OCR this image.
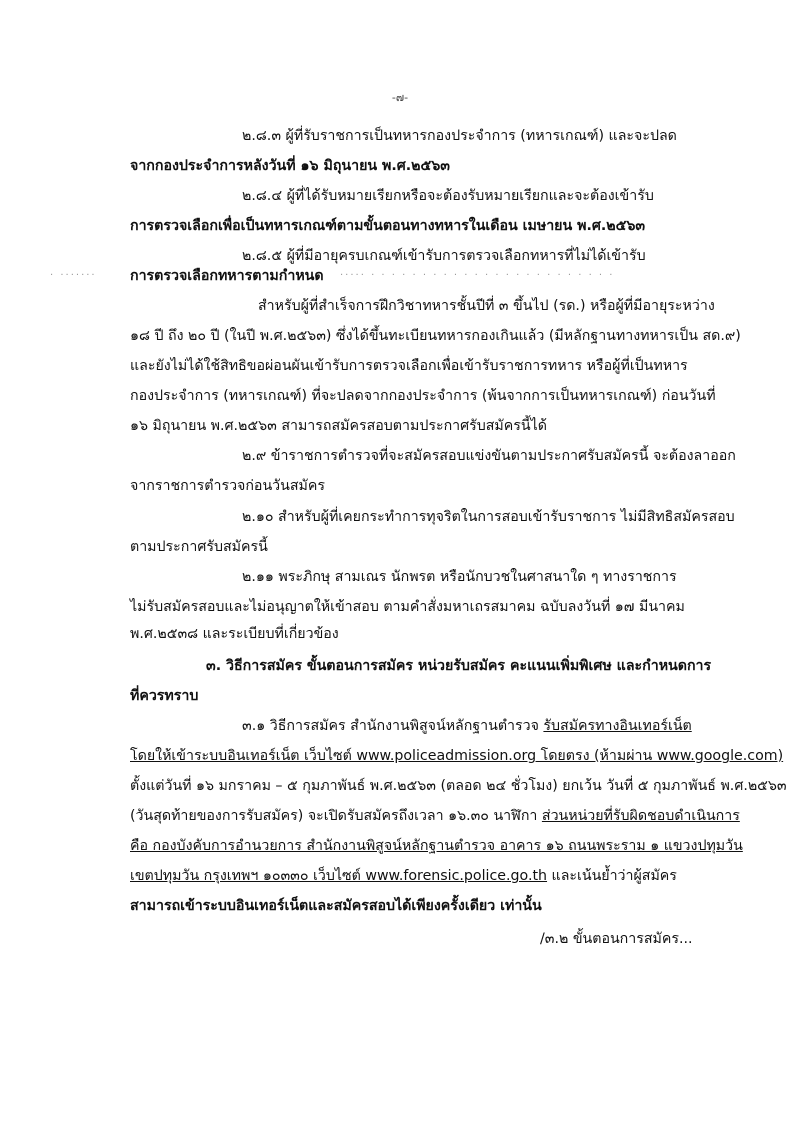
-๗-
๒.๘.๓ ผู้ที่รับราชการเป็นทหารกองประจำการ (ทหารเกณฑ์) และจะปลด
จากกองประจำการหลังวันที่ ๑๖ มิถุนายน พ.ศ.๒๕๖๓
๒.๘.๔ ผู้ที่ได้รับหมายเรียกหรือจะต้องรับหมายเรียกและจะต้องเข้ารับ
การตรวจเลือกเพื่อเป็นทหารเกณฑ์ตามขั้นตอนทางทหารในเดือน เมษายน พ.ศ.๒๕๖๓
๒.๘.๕ ผู้ที่มีอายุครบเกณฑ์เข้ารับการตรวจเลือกทหารที่ไม่ได้เข้ารับ
· ······· การตรวจเลือกทหารตามกำหนด ····· · · · · · · · · · · · · · · · · · · · · · · · ·
สำหรับผู้ที่สำเร็จการฝึกวิชาทหารชั้นปีที่ ๓ ขึ้นไป (รด.) หรือผู้ที่มีอายุระหว่าง
๑๘ ปี ถึง ๒๐ ปี (ในปี พ.ศ.๒๕๖๓) ซึ่งได้ขึ้นทะเบียนทหารกองเกินแล้ว (มีหลักฐานทางทหารเป็น สด.๙)
และยังไม่ได้ใช้สิทธิขอผ่อนผันเข้ารับการตรวจเลือกเพื่อเข้ารับราชการทหาร หรือผู้ที่เป็นทหาร
กองประจำการ (ทหารเกณฑ์) ที่จะปลดจากกองประจำการ (พ้นจากการเป็นทหารเกณฑ์) ก่อนวันที่
๑๖ มิถุนายน พ.ศ.๒๕๖๓ สามารถสมัครสอบตามประกาศรับสมัครนี้ได้
๒.๙ ข้าราชการตำรวจที่จะสมัครสอบแข่งขันตามประกาศรับสมัครนี้ จะต้องลาออก
จากราชการตำรวจก่อนวันสมัคร
๒.๑๐ สำหรับผู้ที่เคยกระทำการทุจริตในการสอบเข้ารับราชการ ไม่มีสิทธิสมัครสอบ
ตามประกาศรับสมัครนี้
๒.๑๑ พระภิกษุ สามเณร นักพรต หรือนักบวชในศาสนาใด ๆ ทางราชการ
ไม่รับสมัครสอบและไม่อนุญาตให้เข้าสอบ ตามคำสั่งมหาเถรสมาคม ฉบับลงวันที่ ๑๗ มีนาคม
พ.ศ.๒๕๓๘ และระเบียบที่เกี่ยวข้อง
๓. วิธีการสมัคร ขั้นตอนการสมัคร หน่วยรับสมัคร คะแนนเพิ่มพิเศษ และกำหนดการ
ที่ควรทราบ
๓.๑ วิธีการสมัคร สำนักงานพิสูจน์หลักฐานตำรวจ รับสมัครทางอินเทอร์เน็ต
โดยให้เข้าระบบอินเทอร์เน็ต เว็บไซต์ www.policeadmission.org โดยตรง (ห้ามผ่าน www.google.com)
ตั้งแต่วันที่ ๑๖ มกราคม – ๕ กุมภาพันธ์ พ.ศ.๒๕๖๓ (ตลอด ๒๔ ชั่วโมง) ยกเว้น วันที่ ๕ กุมภาพันธ์ พ.ศ.๒๕๖๓
(วันสุดท้ายของการรับสมัคร) จะเปิดรับสมัครถึงเวลา ๑๖.๓๐ นาฬิกา ส่วนหน่วยที่รับผิดชอบดำเนินการ
คือ กองบังคับการอำนวยการ สำนักงานพิสูจน์หลักฐานตำรวจ อาคาร ๑๖ ถนนพระราม ๑ แขวงปทุมวัน
เขตปทุมวัน กรุงเทพฯ ๑๐๓๓๐ เว็บไซต์ www.forensic.police.go.th และเน้นย้ำว่าผู้สมัคร
สามารถเข้าระบบอินเทอร์เน็ตและสมัครสอบได้เพียงครั้งเดียว เท่านั้น
/๓.๒ ขั้นตอนการสมัคร...
